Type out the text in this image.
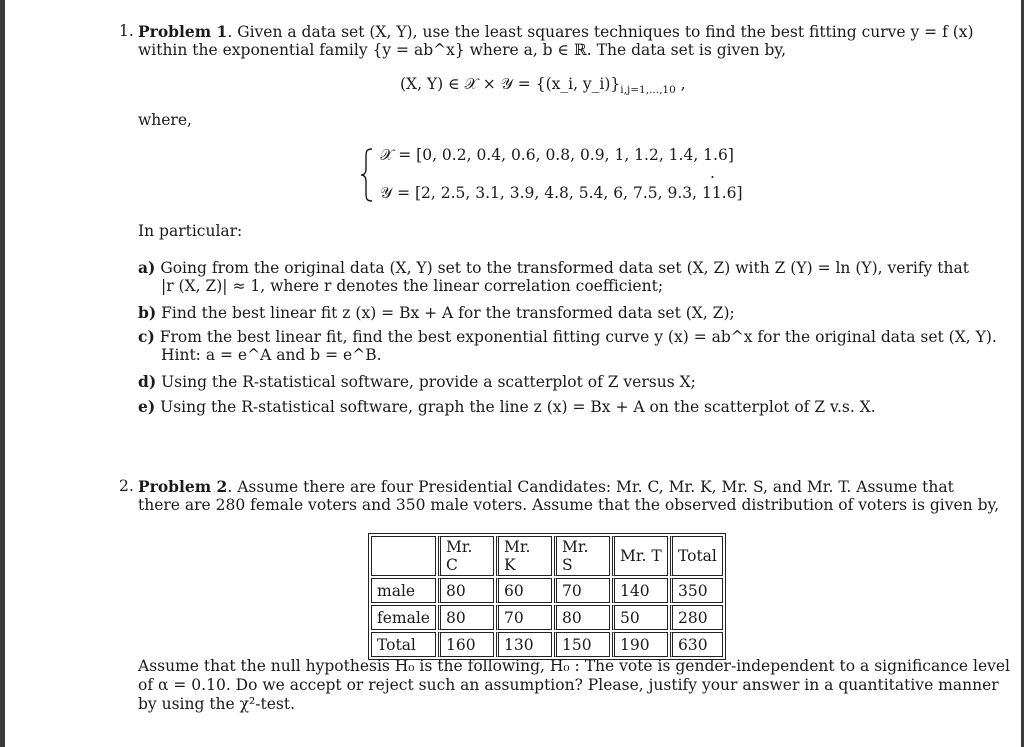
1. Problem 1. Given a data set (X, Y), use the least squares techniques to find the best fitting curve y = f (x)
within the exponential family {y = ab^x} where a, b ∈ ℝ. The data set is given by,
(X, Y) ∈ 𝒳 × 𝒴 = {(x_i, $y\_i)\}_{i,j=1,...,10}$ ,
where,
𝒳 = [0, 0.2, 0.4, 0.6, 0.8, 0.9, 1, 1.2, 1.4, 1.6]
𝒴 = [2, 2.5, 3.1, 3.9, 4.8, 5.4, 6, 7.5, 9.3, 11.6]
.
In particular:
a) Going from the original data (X, Y) set to the transformed data set (X, Z) with Z (Y) = ln (Y), verify that
|r (X, Z)| ≈ 1, where r denotes the linear correlation coefficient;
b) Find the best linear fit z (x) = Bx + A for the transformed data set (X, Z);
c) From the best linear fit, find the best exponential fitting curve y (x) = ab^x for the original data set (X, Y).
Hint: a = e^A and b = e^B.
d) Using the R-statistical software, provide a scatterplot of Z versus X;
e) Using the R-statistical software, graph the line z (x) = Bx + A on the scatterplot of Z v.s. X.
2. Problem 2. Assume there are four Presidential Candidates: Mr. C, Mr. K, Mr. S, and Mr. T. Assume that
there are 280 female voters and 350 male voters. Assume that the observed distribution of voters is given by,
	Mr. C	Mr. K	Mr. S	Mr. T	Total
male	80	60	70	140	350
female	80	70	80	50	280
Total	160	130	150	190	630
Assume that the null hypothesis H₀ is the following, H₀ : The vote is gender-independent to a significance level
of α = 0.10. Do we accept or reject such an assumption? Please, justify your answer in a quantitative manner
by using the χ²-test.
